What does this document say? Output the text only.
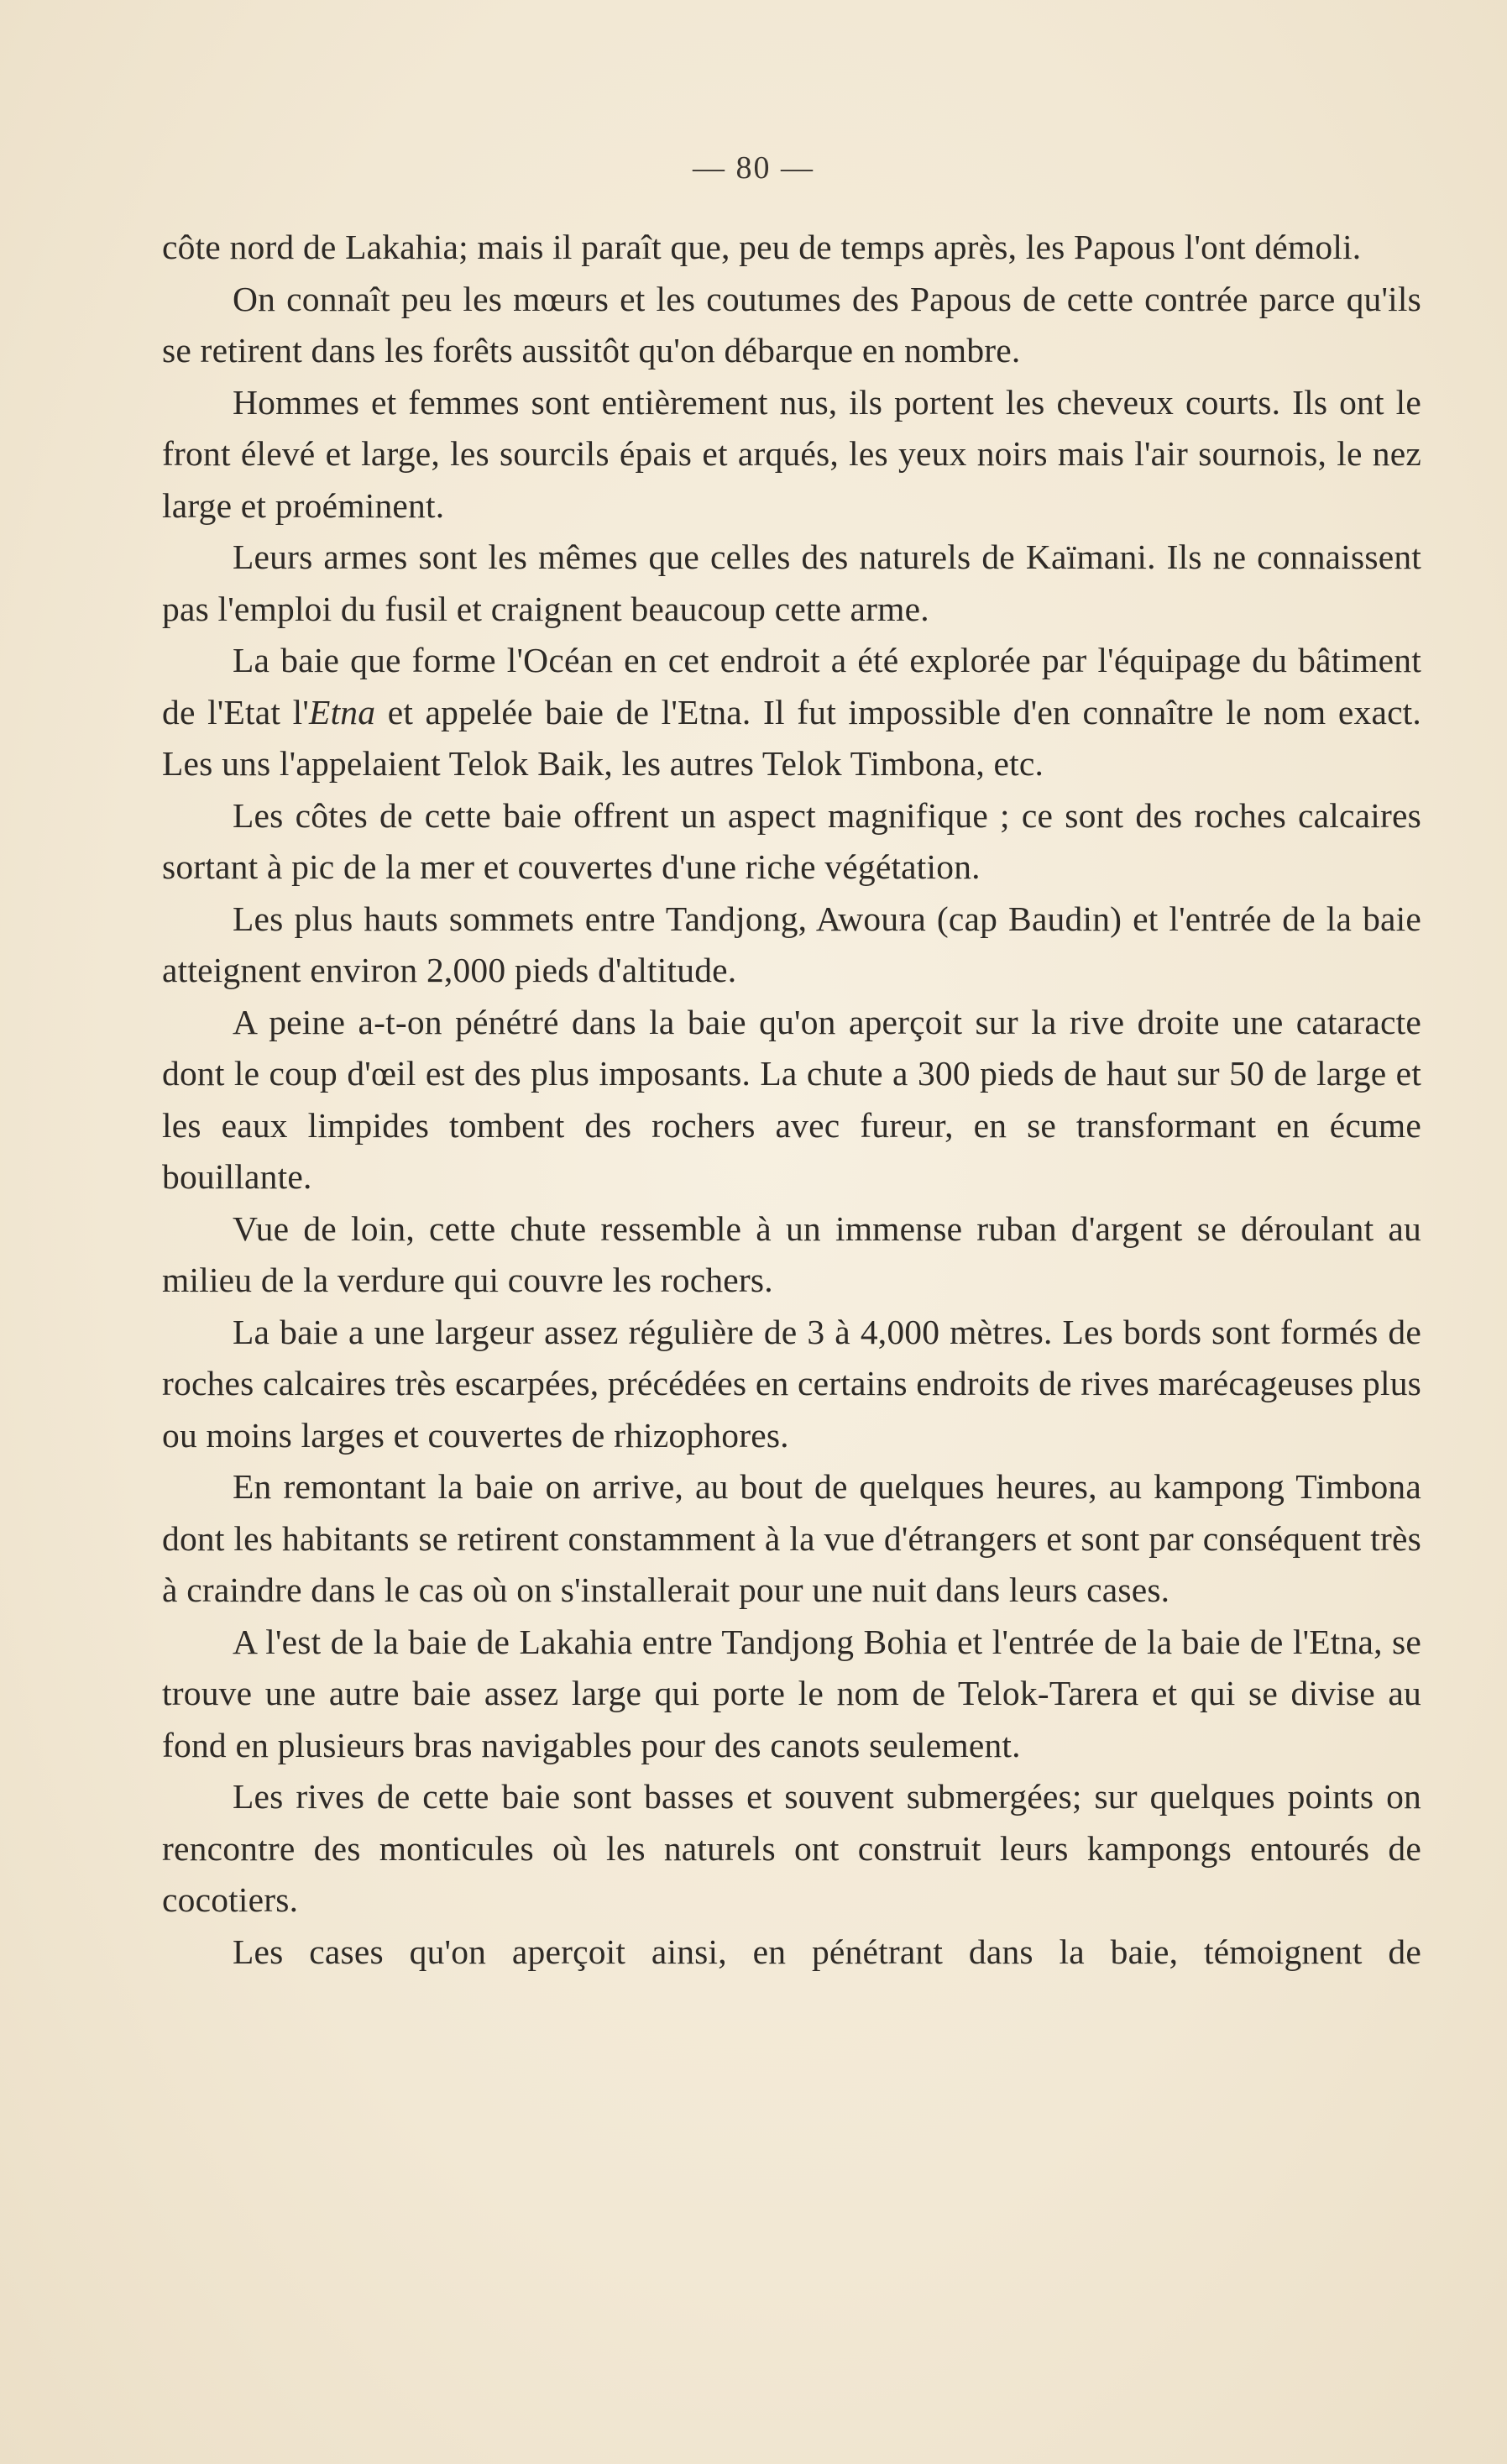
— 80 —

côte nord de Lakahia; mais il paraît que, peu de temps après, les Papous l'ont démoli.

On connaît peu les mœurs et les coutumes des Papous de cette contrée parce qu'ils se retirent dans les forêts aussitôt qu'on débarque en nombre.

Hommes et femmes sont entièrement nus, ils portent les cheveux courts. Ils ont le front élevé et large, les sourcils épais et arqués, les yeux noirs mais l'air sournois, le nez large et proéminent.

Leurs armes sont les mêmes que celles des naturels de Kaïmani. Ils ne connaissent pas l'emploi du fusil et craignent beaucoup cette arme.

La baie que forme l'Océan en cet endroit a été explorée par l'équipage du bâtiment de l'Etat l'Etna et appelée baie de l'Etna. Il fut impossible d'en connaître le nom exact. Les uns l'appelaient Telok Baik, les autres Telok Timbona, etc.

Les côtes de cette baie offrent un aspect magnifique ; ce sont des roches calcaires sortant à pic de la mer et couvertes d'une riche végétation.

Les plus hauts sommets entre Tandjong, Awoura (cap Baudin) et l'entrée de la baie atteignent environ 2,000 pieds d'altitude.

A peine a-t-on pénétré dans la baie qu'on aperçoit sur la rive droite une cataracte dont le coup d'œil est des plus imposants. La chute a 300 pieds de haut sur 50 de large et les eaux limpides tombent des rochers avec fureur, en se transformant en écume bouillante.

Vue de loin, cette chute ressemble à un immense ruban d'argent se déroulant au milieu de la verdure qui couvre les rochers.

La baie a une largeur assez régulière de 3 à 4,000 mètres. Les bords sont formés de roches calcaires très escarpées, précédées en certains endroits de rives marécageuses plus ou moins larges et couvertes de rhizophores.

En remontant la baie on arrive, au bout de quelques heures, au kampong Timbona dont les habitants se retirent constamment à la vue d'étrangers et sont par conséquent très à craindre dans le cas où on s'installerait pour une nuit dans leurs cases.

A l'est de la baie de Lakahia entre Tandjong Bohia et l'entrée de la baie de l'Etna, se trouve une autre baie assez large qui porte le nom de Telok-Tarera et qui se divise au fond en plusieurs bras navigables pour des canots seulement.

Les rives de cette baie sont basses et souvent submergées; sur quelques points on rencontre des monticules où les naturels ont construit leurs kampongs entourés de cocotiers.

Les cases qu'on aperçoit ainsi, en pénétrant dans la baie, témoignent de
